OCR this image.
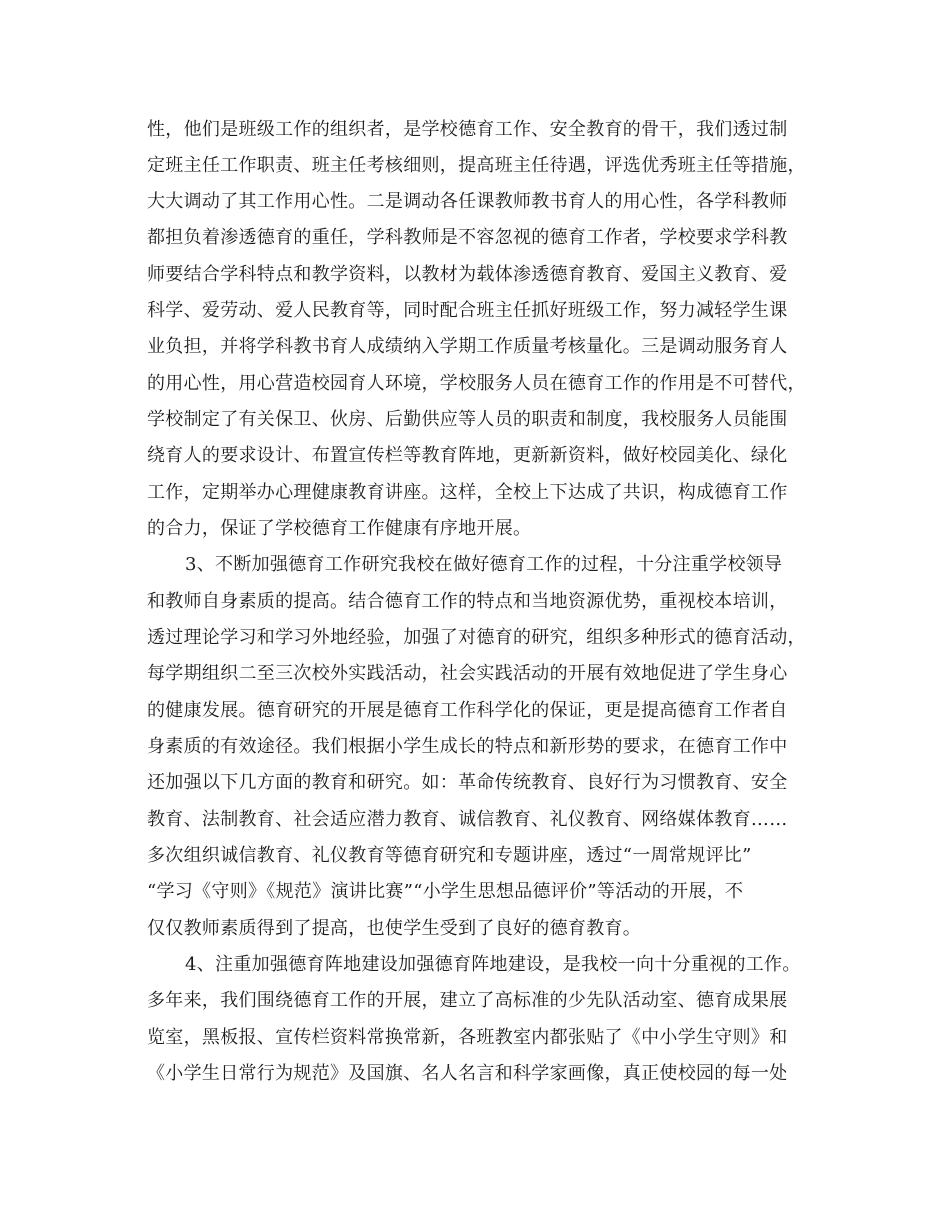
性，他们是班级工作的组织者，是学校德育工作、安全教育的骨干，我们透过制
定班主任工作职责、班主任考核细则，提高班主任待遇，评选优秀班主任等措施，
大大调动了其工作用心性。二是调动各任课教师教书育人的用心性，各学科教师
都担负着渗透德育的重任，学科教师是不容忽视的德育工作者，学校要求学科教
师要结合学科特点和教学资料，以教材为载体渗透德育教育、爱国主义教育、爱
科学、爱劳动、爱人民教育等，同时配合班主任抓好班级工作，努力减轻学生课
业负担，并将学科教书育人成绩纳入学期工作质量考核量化。三是调动服务育人
的用心性，用心营造校园育人环境，学校服务人员在德育工作的作用是不可替代，
学校制定了有关保卫、伙房、后勤供应等人员的职责和制度，我校服务人员能围
绕育人的要求设计、布置宣传栏等教育阵地，更新新资料，做好校园美化、绿化
工作，定期举办心理健康教育讲座。这样，全校上下达成了共识，构成德育工作
的合力，保证了学校德育工作健康有序地开展。
3、不断加强德育工作研究我校在做好德育工作的过程，十分注重学校领导
和教师自身素质的提高。结合德育工作的特点和当地资源优势，重视校本培训，
透过理论学习和学习外地经验，加强了对德育的研究，组织多种形式的德育活动，
每学期组织二至三次校外实践活动，社会实践活动的开展有效地促进了学生身心
的健康发展。德育研究的开展是德育工作科学化的保证，更是提高德育工作者自
身素质的有效途径。我们根据小学生成长的特点和新形势的要求，在德育工作中
还加强以下几方面的教育和研究。如：革命传统教育、良好行为习惯教育、安全
教育、法制教育、社会适应潜力教育、诚信教育、礼仪教育、网络媒体教育……
多次组织诚信教育、礼仪教育等德育研究和专题讲座，透过“一周常规评比”
“学习《守则》《规范》演讲比赛”“小学生思想品德评价”等活动的开展，不
仅仅教师素质得到了提高，也使学生受到了良好的德育教育。
4、注重加强德育阵地建设加强德育阵地建设，是我校一向十分重视的工作。
多年来，我们围绕德育工作的开展，建立了高标准的少先队活动室、德育成果展
览室，黑板报、宣传栏资料常换常新，各班教室内都张贴了《中小学生守则》和
《小学生日常行为规范》及国旗、名人名言和科学家画像，真正使校园的每一处
